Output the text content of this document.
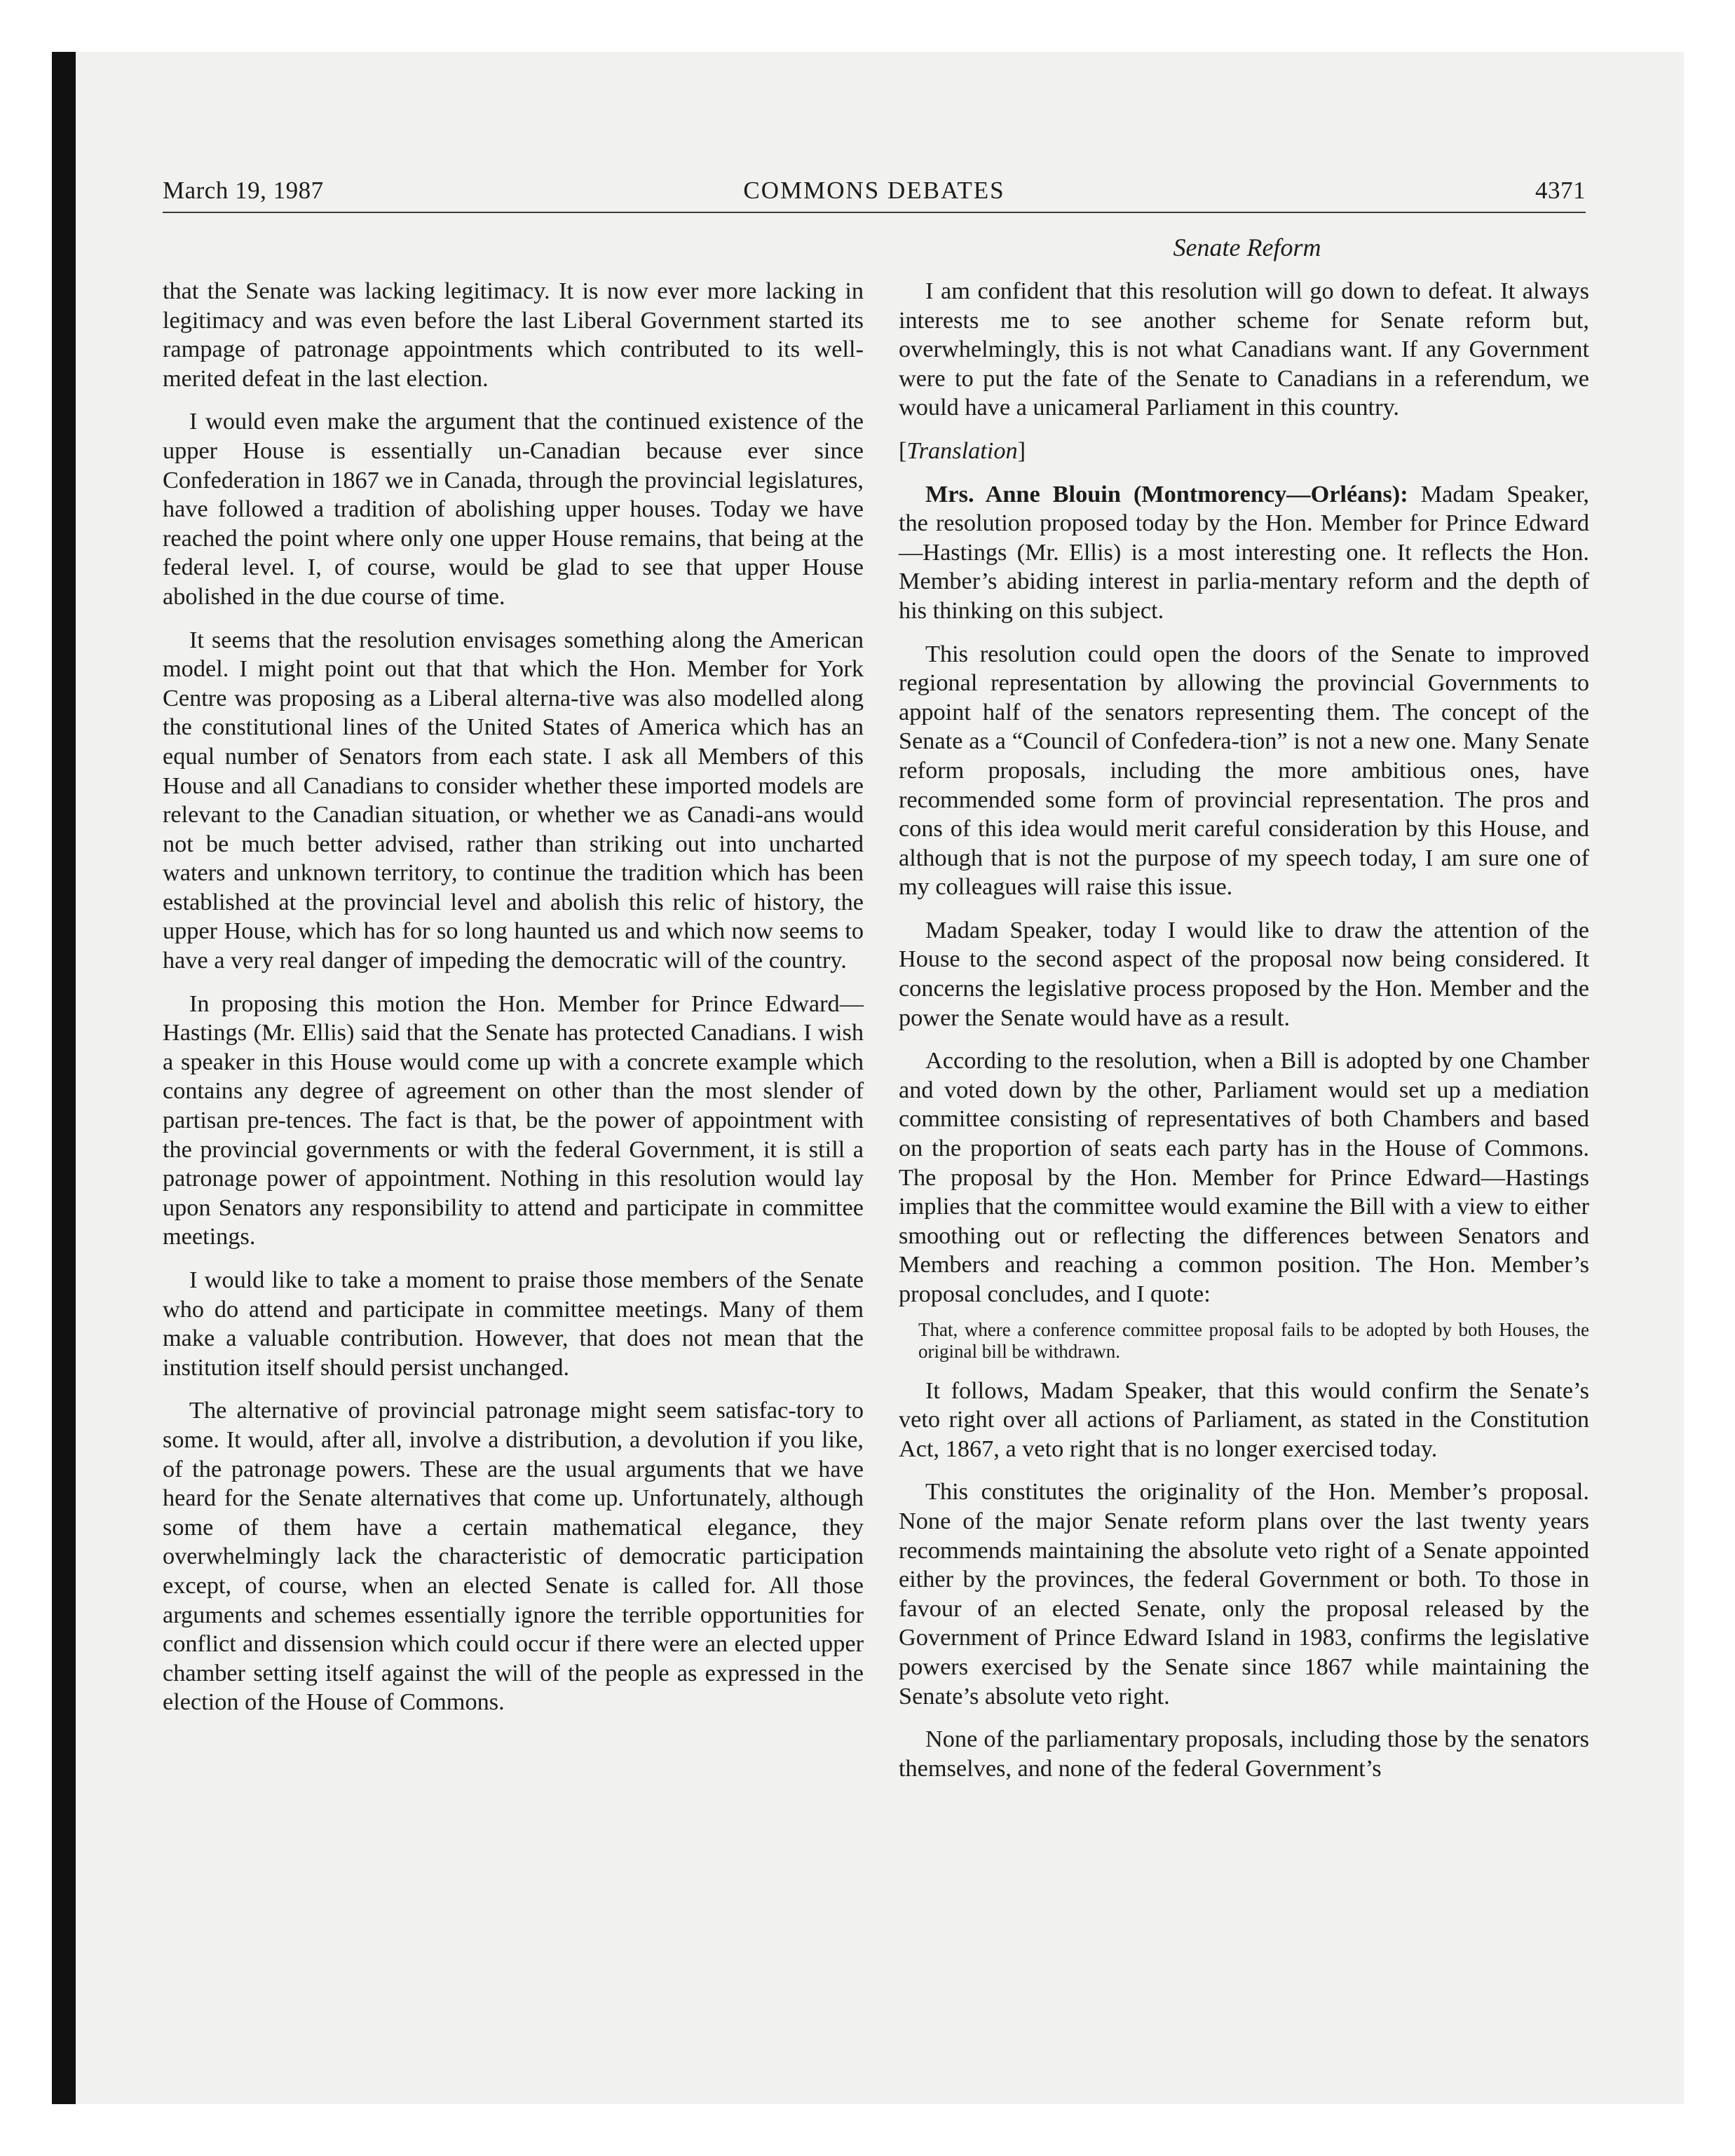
March 19, 1987	COMMONS DEBATES	4371
Senate Reform

that the Senate was lacking legitimacy. It is now ever more lacking in legitimacy and was even before the last Liberal Government started its rampage of patronage appointments which contributed to its well-merited defeat in the last election.

I would even make the argument that the continued existence of the upper House is essentially un-Canadian because ever since Confederation in 1867 we in Canada, through the provincial legislatures, have followed a tradition of abolishing upper houses. Today we have reached the point where only one upper House remains, that being at the federal level. I, of course, would be glad to see that upper House abolished in the due course of time.

It seems that the resolution envisages something along the American model. I might point out that that which the Hon. Member for York Centre was proposing as a Liberal alterna-tive was also modelled along the constitutional lines of the United States of America which has an equal number of Senators from each state. I ask all Members of this House and all Canadians to consider whether these imported models are relevant to the Canadian situation, or whether we as Canadi-ans would not be much better advised, rather than striking out into uncharted waters and unknown territory, to continue the tradition which has been established at the provincial level and abolish this relic of history, the upper House, which has for so long haunted us and which now seems to have a very real danger of impeding the democratic will of the country.

In proposing this motion the Hon. Member for Prince Edward—Hastings (Mr. Ellis) said that the Senate has protected Canadians. I wish a speaker in this House would come up with a concrete example which contains any degree of agreement on other than the most slender of partisan pre-tences. The fact is that, be the power of appointment with the provincial governments or with the federal Government, it is still a patronage power of appointment. Nothing in this resolution would lay upon Senators any responsibility to attend and participate in committee meetings.

I would like to take a moment to praise those members of the Senate who do attend and participate in committee meetings. Many of them make a valuable contribution. However, that does not mean that the institution itself should persist unchanged.

The alternative of provincial patronage might seem satisfac-tory to some. It would, after all, involve a distribution, a devolution if you like, of the patronage powers. These are the usual arguments that we have heard for the Senate alternatives that come up. Unfortunately, although some of them have a certain mathematical elegance, they overwhelmingly lack the characteristic of democratic participation except, of course, when an elected Senate is called for. All those arguments and schemes essentially ignore the terrible opportunities for conflict and dissension which could occur if there were an elected upper chamber setting itself against the will of the people as expressed in the election of the House of Commons.

I am confident that this resolution will go down to defeat. It always interests me to see another scheme for Senate reform but, overwhelmingly, this is not what Canadians want. If any Government were to put the fate of the Senate to Canadians in a referendum, we would have a unicameral Parliament in this country.

[Translation]

Mrs. Anne Blouin (Montmorency—Orléans): Madam Speaker, the resolution proposed today by the Hon. Member for Prince Edward—Hastings (Mr. Ellis) is a most interesting one. It reflects the Hon. Member’s abiding interest in parlia-mentary reform and the depth of his thinking on this subject.

This resolution could open the doors of the Senate to improved regional representation by allowing the provincial Governments to appoint half of the senators representing them. The concept of the Senate as a “Council of Confedera-tion” is not a new one. Many Senate reform proposals, including the more ambitious ones, have recommended some form of provincial representation. The pros and cons of this idea would merit careful consideration by this House, and although that is not the purpose of my speech today, I am sure one of my colleagues will raise this issue.

Madam Speaker, today I would like to draw the attention of the House to the second aspect of the proposal now being considered. It concerns the legislative process proposed by the Hon. Member and the power the Senate would have as a result.

According to the resolution, when a Bill is adopted by one Chamber and voted down by the other, Parliament would set up a mediation committee consisting of representatives of both Chambers and based on the proportion of seats each party has in the House of Commons. The proposal by the Hon. Member for Prince Edward—Hastings implies that the committee would examine the Bill with a view to either smoothing out or reflecting the differences between Senators and Members and reaching a common position. The Hon. Member’s proposal concludes, and I quote:

That, where a conference committee proposal fails to be adopted by both Houses, the original bill be withdrawn.

It follows, Madam Speaker, that this would confirm the Senate’s veto right over all actions of Parliament, as stated in the Constitution Act, 1867, a veto right that is no longer exercised today.

This constitutes the originality of the Hon. Member’s proposal. None of the major Senate reform plans over the last twenty years recommends maintaining the absolute veto right of a Senate appointed either by the provinces, the federal Government or both. To those in favour of an elected Senate, only the proposal released by the Government of Prince Edward Island in 1983, confirms the legislative powers exercised by the Senate since 1867 while maintaining the Senate’s absolute veto right.

None of the parliamentary proposals, including those by the senators themselves, and none of the federal Government’s
